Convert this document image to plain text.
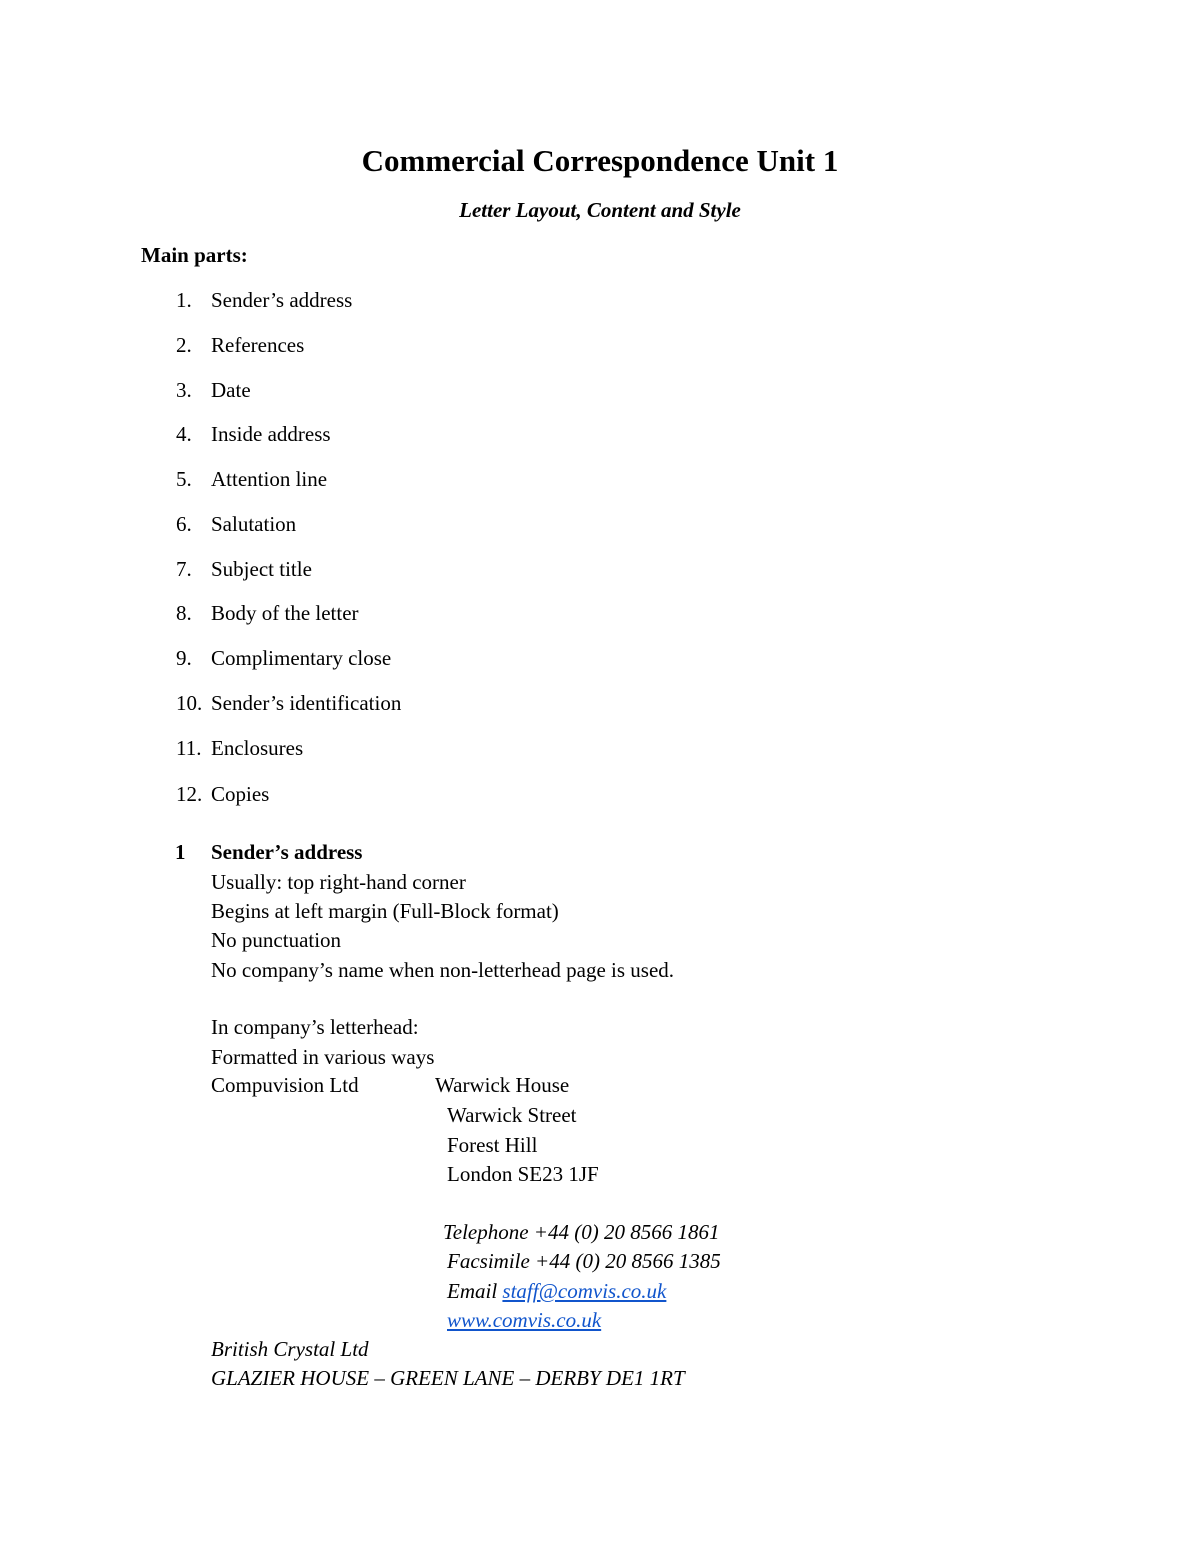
Commercial Correspondence Unit 1
Letter Layout, Content and Style
Main parts:
1. Sender’s address
2. References
3. Date
4. Inside address
5. Attention line
6. Salutation
7. Subject title
8. Body of the letter
9. Complimentary close
10. Sender’s identification
11. Enclosures
12. Copies
1 Sender’s address
Usually: top right-hand corner
Begins at left margin (Full-Block format)
No punctuation
No company’s name when non-letterhead page is used.
In company’s letterhead:
Formatted in various ways
Compuvision Ltd	Warwick House
Warwick Street
Forest Hill
London SE23 1JF
Telephone +44 (0) 20 8566 1861
Facsimile +44 (0) 20 8566 1385
Email staff@comvis.co.uk
www.comvis.co.uk
British Crystal Ltd
GLAZIER HOUSE – GREEN LANE – DERBY DE1 1RT
